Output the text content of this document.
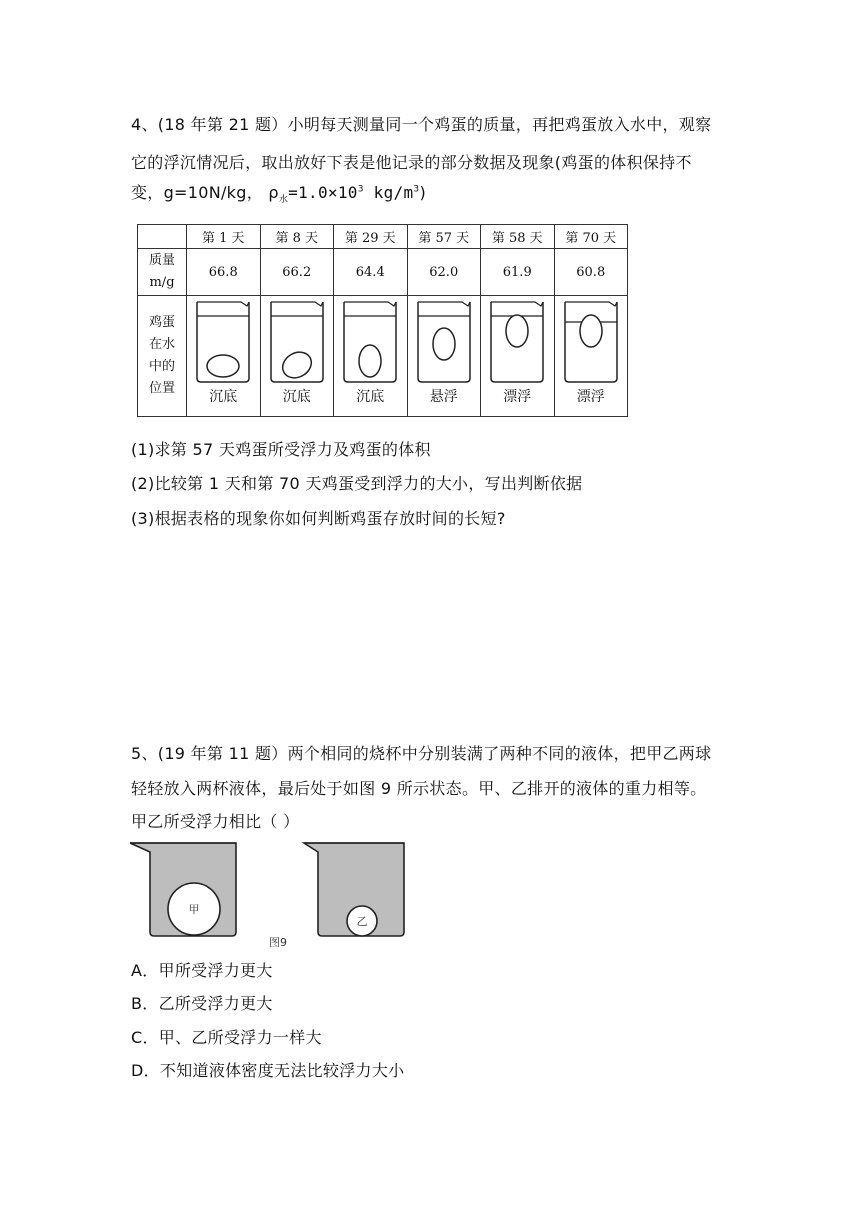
4、(18 年第 21 题）小明每天测量同一个鸡蛋的质量，再把鸡蛋放入水中，观察
它的浮沉情况后，取出放好下表是他记录的部分数据及现象(鸡蛋的体积保持不
变，g=10N/kg， $\rho_水=1.0\times 10^3$ $kg/m^3$)
	第 1 天	第 8 天	第 29 天	第 57 天	第 58 天	第 70 天

质量
m/g	66.8	66.2	64.4	62.0	61.9	60.8

鸡蛋
在水
中的
位置	沉底	沉底	沉底	悬浮	漂浮	漂浮
(1)求第 57 天鸡蛋所受浮力及鸡蛋的体积
(2)比较第 1 天和第 70 天鸡蛋受到浮力的大小，写出判断依据
(3)根据表格的现象你如何判断鸡蛋存放时间的长短?
5、(19 年第 11 题）两个相同的烧杯中分别装满了两种不同的液体，把甲乙两球
轻轻放入两杯液体，最后处于如图 9 所示状态。甲、乙排开的液体的重力相等。
甲乙所受浮力相比（ ）
甲
乙
图9
A．甲所受浮力更大
B．乙所受浮力更大
C．甲、乙所受浮力一样大
D．不知道液体密度无法比较浮力大小
